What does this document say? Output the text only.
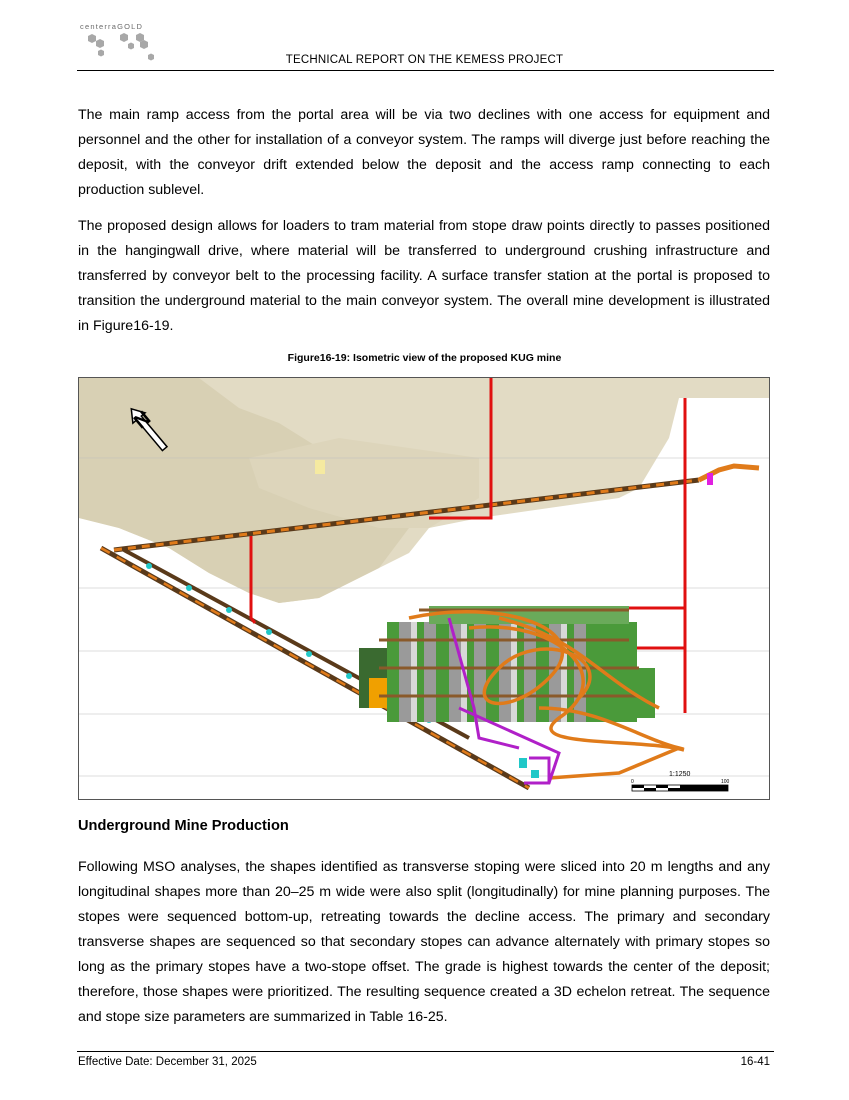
centerraGOLD
TECHNICAL REPORT ON THE KEMESS PROJECT

The main ramp access from the portal area will be via two declines with one access for equipment and personnel and the other for installation of a conveyor system. The ramps will diverge just before reaching the deposit, with the conveyor drift extended below the deposit and the access ramp connecting to each production sublevel.

The proposed design allows for loaders to tram material from stope draw points directly to passes positioned in the hangingwall drive, where material will be transferred to underground crushing infrastructure and transferred by conveyor belt to the processing facility. A surface transfer station at the portal is proposed to transition the underground material to the main conveyor system. The overall mine development is illustrated in Figure16-19.

Figure16-19: Isometric view of the proposed KUG mine
N
1:1250
0	100
Underground Mine Production

Following MSO analyses, the shapes identified as transverse stoping were sliced into 20 m lengths and any longitudinal shapes more than 20–25 m wide were also split (longitudinally) for mine planning purposes. The stopes were sequenced bottom-up, retreating towards the decline access. The primary and secondary transverse shapes are sequenced so that secondary stopes can advance alternately with primary stopes so long as the primary stopes have a two-stope offset. The grade is highest towards the center of the deposit; therefore, those shapes were prioritized. The resulting sequence created a 3D echelon retreat. The sequence and stope size parameters are summarized in Table 16-25.

Effective Date: December 31, 2025	16-41
